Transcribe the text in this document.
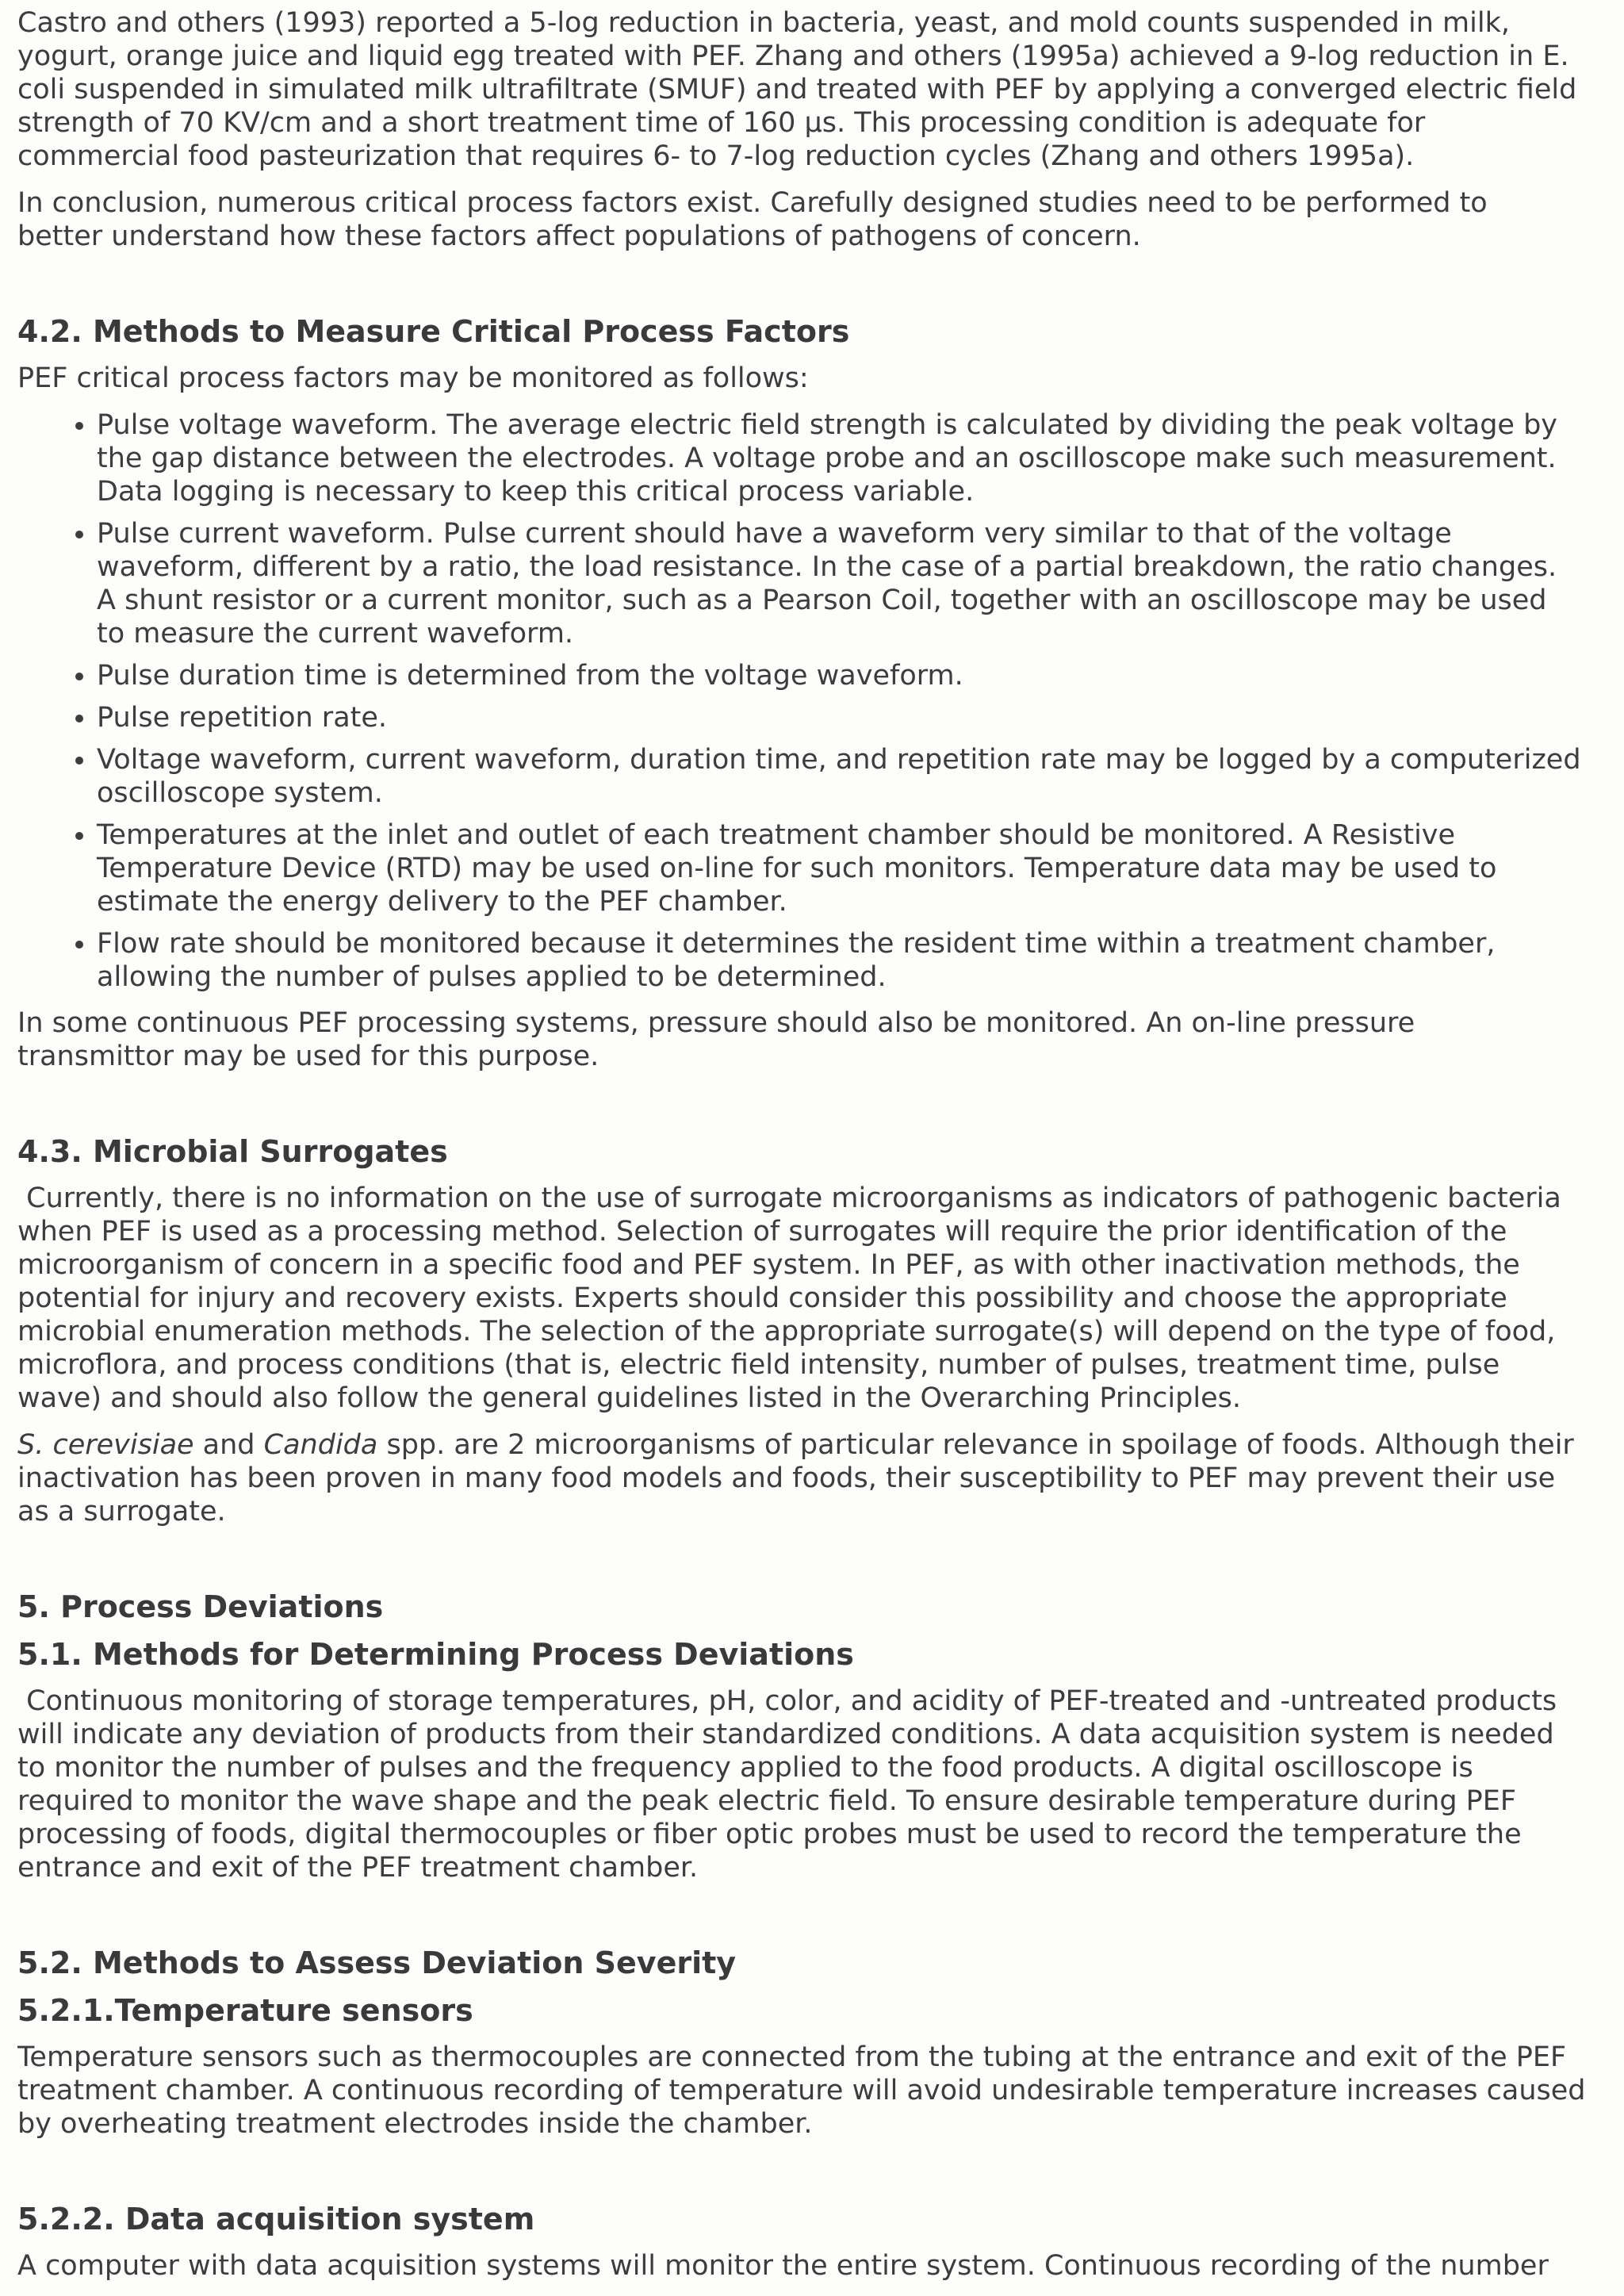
Castro and others (1993) reported a 5-log reduction in bacteria, yeast, and mold counts suspended in milk,
yogurt, orange juice and liquid egg treated with PEF. Zhang and others (1995a) achieved a 9-log reduction in E.
coli suspended in simulated milk ultrafiltrate (SMUF) and treated with PEF by applying a converged electric field
strength of 70 KV/cm and a short treatment time of 160 μs. This processing condition is adequate for
commercial food pasteurization that requires 6- to 7-log reduction cycles (Zhang and others 1995a).

In conclusion, numerous critical process factors exist. Carefully designed studies need to be performed to
better understand how these factors affect populations of pathogens of concern.

4.2. Methods to Measure Critical Process Factors

PEF critical process factors may be monitored as follows:

• Pulse voltage waveform. The average electric field strength is calculated by dividing the peak voltage by
the gap distance between the electrodes. A voltage probe and an oscilloscope make such measurement.
Data logging is necessary to keep this critical process variable.
• Pulse current waveform. Pulse current should have a waveform very similar to that of the voltage
waveform, different by a ratio, the load resistance. In the case of a partial breakdown, the ratio changes.
A shunt resistor or a current monitor, such as a Pearson Coil, together with an oscilloscope may be used
to measure the current waveform.
• Pulse duration time is determined from the voltage waveform.
• Pulse repetition rate.
• Voltage waveform, current waveform, duration time, and repetition rate may be logged by a computerized
oscilloscope system.
• Temperatures at the inlet and outlet of each treatment chamber should be monitored. A Resistive
Temperature Device (RTD) may be used on-line for such monitors. Temperature data may be used to
estimate the energy delivery to the PEF chamber.
• Flow rate should be monitored because it determines the resident time within a treatment chamber,
allowing the number of pulses applied to be determined.

In some continuous PEF processing systems, pressure should also be monitored. An on-line pressure
transmittor may be used for this purpose.

4.3. Microbial Surrogates

Currently, there is no information on the use of surrogate microorganisms as indicators of pathogenic bacteria
when PEF is used as a processing method. Selection of surrogates will require the prior identification of the
microorganism of concern in a specific food and PEF system. In PEF, as with other inactivation methods, the
potential for injury and recovery exists. Experts should consider this possibility and choose the appropriate
microbial enumeration methods. The selection of the appropriate surrogate(s) will depend on the type of food,
microflora, and process conditions (that is, electric field intensity, number of pulses, treatment time, pulse
wave) and should also follow the general guidelines listed in the Overarching Principles.

S. cerevisiae and Candida spp. are 2 microorganisms of particular relevance in spoilage of foods. Although their
inactivation has been proven in many food models and foods, their susceptibility to PEF may prevent their use
as a surrogate.

5. Process Deviations
5.1. Methods for Determining Process Deviations

Continuous monitoring of storage temperatures, pH, color, and acidity of PEF-treated and -untreated products
will indicate any deviation of products from their standardized conditions. A data acquisition system is needed
to monitor the number of pulses and the frequency applied to the food products. A digital oscilloscope is
required to monitor the wave shape and the peak electric field. To ensure desirable temperature during PEF
processing of foods, digital thermocouples or fiber optic probes must be used to record the temperature the
entrance and exit of the PEF treatment chamber.

5.2. Methods to Assess Deviation Severity
5.2.1.Temperature sensors

Temperature sensors such as thermocouples are connected from the tubing at the entrance and exit of the PEF
treatment chamber. A continuous recording of temperature will avoid undesirable temperature increases caused
by overheating treatment electrodes inside the chamber.

5.2.2. Data acquisition system

A computer with data acquisition systems will monitor the entire system. Continuous recording of the number
